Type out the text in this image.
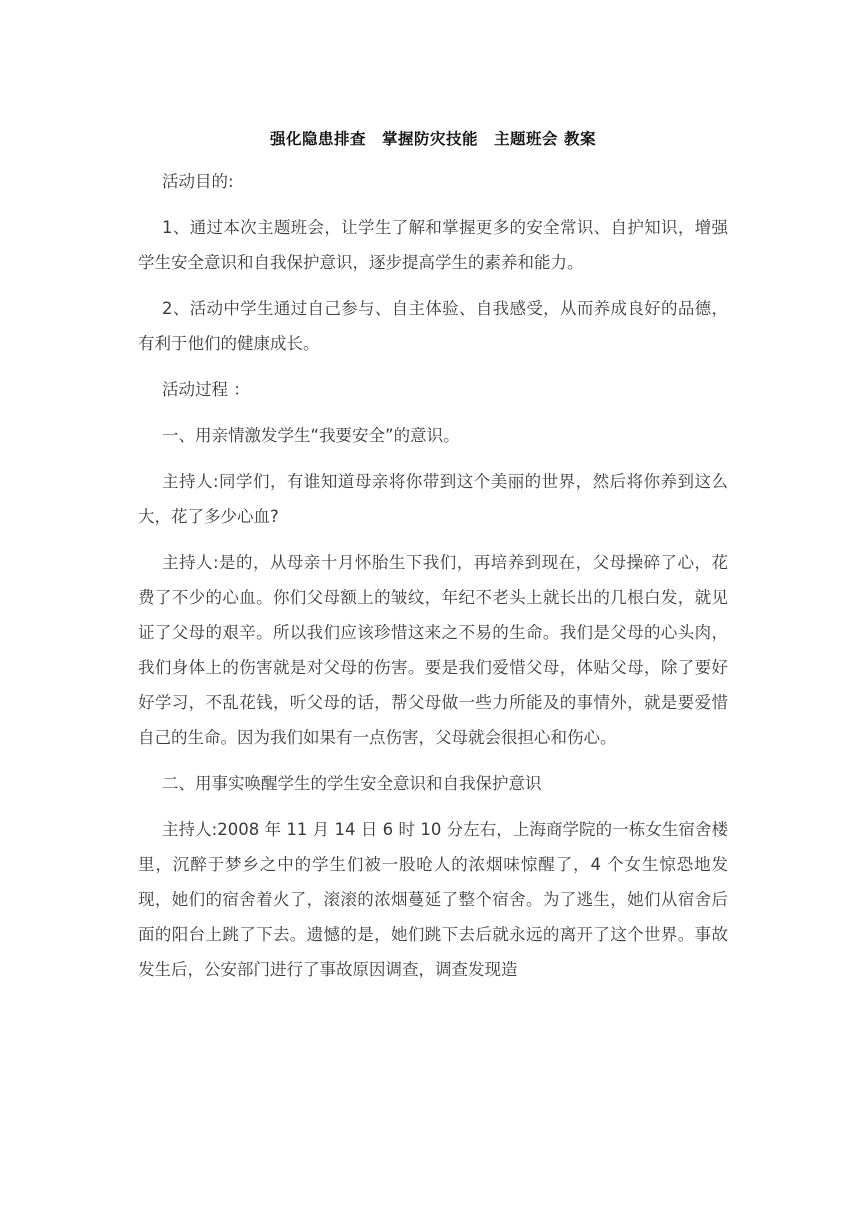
强化隐患排查　掌握防灾技能　主题班会 教案

活动目的:

1、通过本次主题班会，让学生了解和掌握更多的安全常识、自护知识，增强学生安全意识和自我保护意识，逐步提高学生的素养和能力。

2、活动中学生通过自己参与、自主体验、自我感受，从而养成良好的品德，有利于他们的健康成长。

活动过程 ：

一、用亲情激发学生“我要安全”的意识。

主持人:同学们，有谁知道母亲将你带到这个美丽的世界，然后将你养到这么大，花了多少心血?

主持人:是的，从母亲十月怀胎生下我们，再培养到现在，父母操碎了心，花费了不少的心血。你们父母额上的皱纹，年纪不老头上就长出的几根白发，就见证了父母的艰辛。所以我们应该珍惜这来之不易的生命。我们是父母的心头肉，我们身体上的伤害就是对父母的伤害。要是我们爱惜父母，体贴父母，除了要好好学习，不乱花钱，听父母的话，帮父母做一些力所能及的事情外，就是要爱惜自己的生命。因为我们如果有一点伤害，父母就会很担心和伤心。

二、用事实唤醒学生的学生安全意识和自我保护意识

主持人:2008 年 11 月 14 日 6 时 10 分左右，上海商学院的一栋女生宿舍楼里，沉醉于梦乡之中的学生们被一股呛人的浓烟味惊醒了，4 个女生惊恐地发现，她们的宿舍着火了，滚滚的浓烟蔓延了整个宿舍。为了逃生，她们从宿舍后面的阳台上跳了下去。遗憾的是，她们跳下去后就永远的离开了这个世界。事故发生后，公安部门进行了事故原因调查，调查发现造
